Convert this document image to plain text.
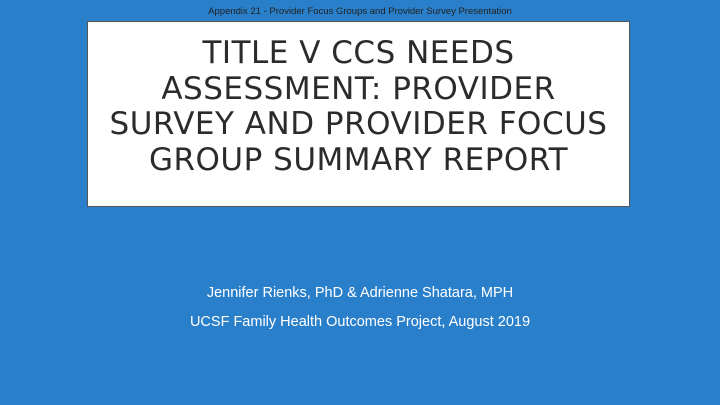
Appendix 21 - Provider Focus Groups and Provider Survey Presentation
TITLE V CCS NEEDS
ASSESSMENT: PROVIDER
SURVEY AND PROVIDER FOCUS
GROUP SUMMARY REPORT
Jennifer Rienks, PhD & Adrienne Shatara, MPH
UCSF Family Health Outcomes Project, August 2019
